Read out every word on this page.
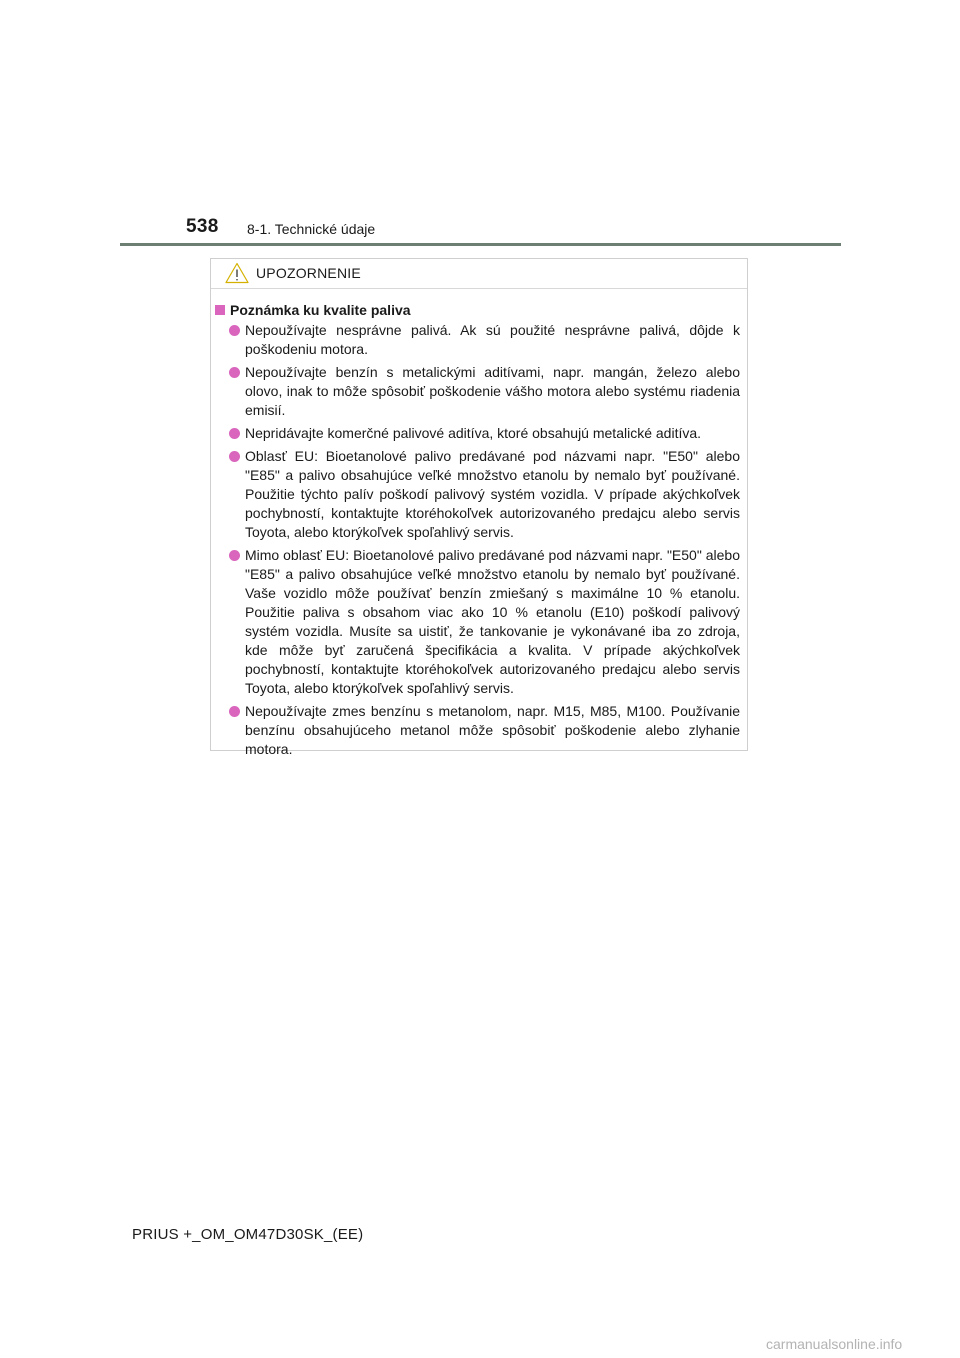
538 8-1. Technické údaje
UPOZORNENIE
Poznámka ku kvalite paliva
Nepoužívajte nesprávne palivá. Ak sú použité nesprávne palivá, dôjde k poškodeniu motora.
Nepoužívajte benzín s metalickými aditívami, napr. mangán, železo alebo olovo, inak to môže spôsobiť poškodenie vášho motora alebo systému riadenia emisií.
Nepridávajte komerčné palivové aditíva, ktoré obsahujú metalické aditíva.
Oblasť EU: Bioetanolové palivo predávané pod názvami napr. "E50" alebo "E85" a palivo obsahujúce veľké množstvo etanolu by nemalo byť používané. Použitie týchto palív poškodí palivový systém vozidla. V prípade akýchkoľvek pochybností, kontaktujte ktoréhokoľvek autorizovaného predajcu alebo servis Toyota, alebo ktorýkoľvek spoľahlivý servis.
Mimo oblasť EU: Bioetanolové palivo predávané pod názvami napr. "E50" alebo "E85" a palivo obsahujúce veľké množstvo etanolu by nemalo byť používané. Vaše vozidlo môže používať benzín zmiešaný s maximálne 10 % etanolu. Použitie paliva s obsahom viac ako 10 % etanolu (E10) poškodí palivový systém vozidla. Musíte sa uistiť, že tankovanie je vykonávané iba zo zdroja, kde môže byť zaručená špecifikácia a kvalita. V prípade akýchkoľvek pochybností, kontaktujte ktoréhokoľvek autorizovaného predajcu alebo servis Toyota, alebo ktorýkoľvek spoľahlivý servis.
Nepoužívajte zmes benzínu s metanolom, napr. M15, M85, M100. Používanie benzínu obsahujúceho metanol môže spôsobiť poškodenie alebo zlyhanie motora.
PRIUS +_OM_OM47D30SK_(EE)
carmanualsonline.info
